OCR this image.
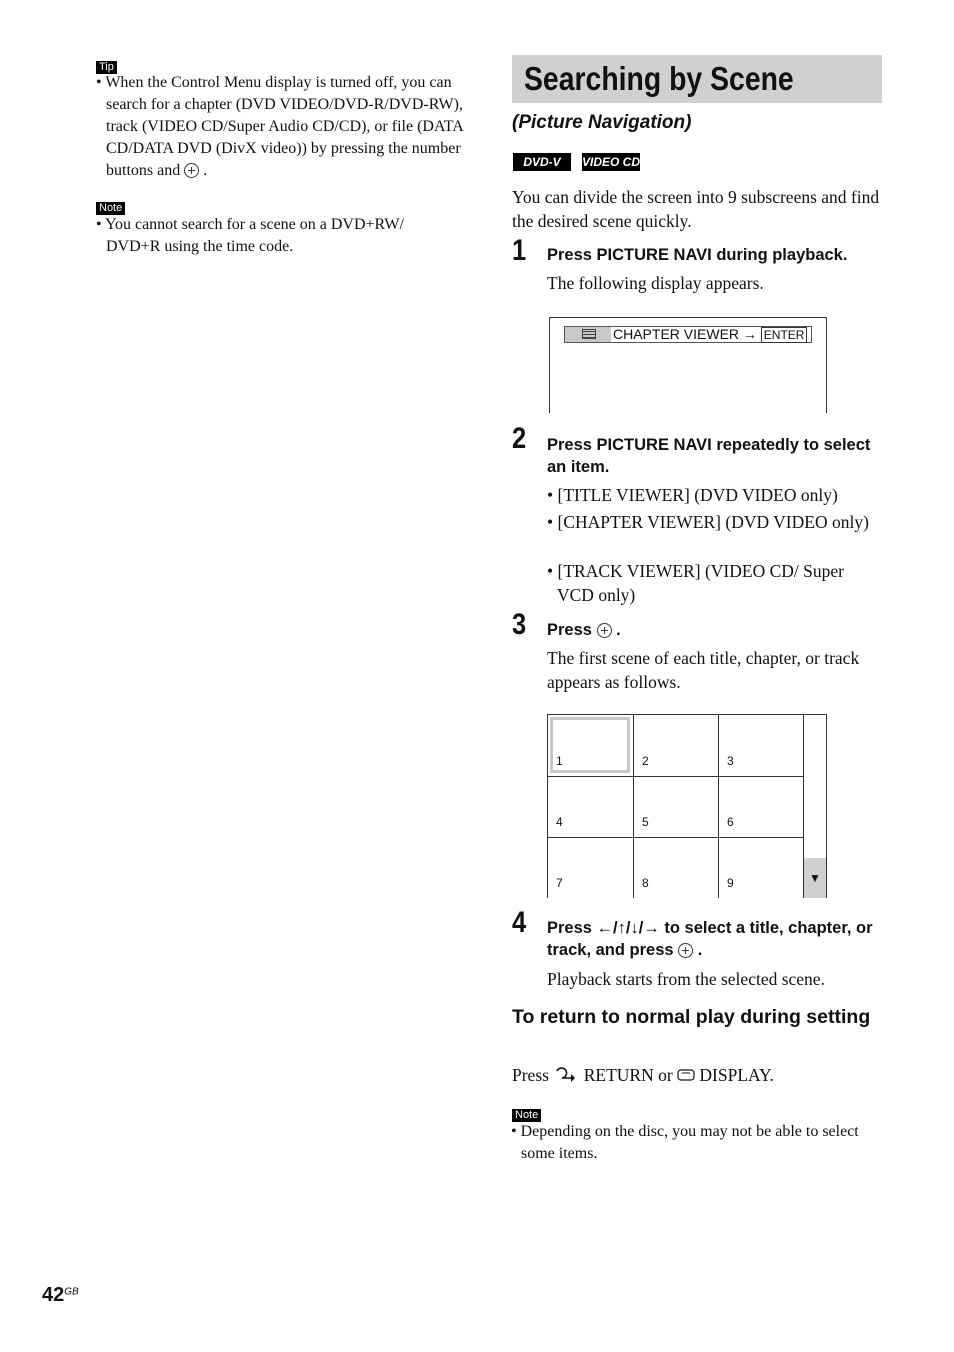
Tip
• When the Control Menu display is turned off, you can search for a chapter (DVD VIDEO/DVD-R/DVD-RW), track (VIDEO CD/Super Audio CD/CD), or file (DATA CD/DATA DVD (DivX video)) by pressing the number buttons and .
Note
• You cannot search for a scene on a DVD+RW/ DVD+R using the time code.
Searching by Scene
(Picture Navigation)
DVD-V	VIDEO CD
You can divide the screen into 9 subscreens and find the desired scene quickly.
1 Press PICTURE NAVI during playback.
The following display appears.
CHAPTER VIEWER → ENTER
2 Press PICTURE NAVI repeatedly to select an item.
• [TITLE VIEWER] (DVD VIDEO only)
• [CHAPTER VIEWER] (DVD VIDEO only)
• [TRACK VIEWER] (VIDEO CD/ Super VCD only)
3 Press .
The first scene of each title, chapter, or track appears as follows.
1	2	3
4	5	6
7	8	9	▼
4 Press ←/↑/↓/→ to select a title, chapter, or track, and press .
Playback starts from the selected scene.
To return to normal play during setting
Press RETURN or DISPLAY.
Note
• Depending on the disc, you may not be able to select some items.
$42^{GB}$
